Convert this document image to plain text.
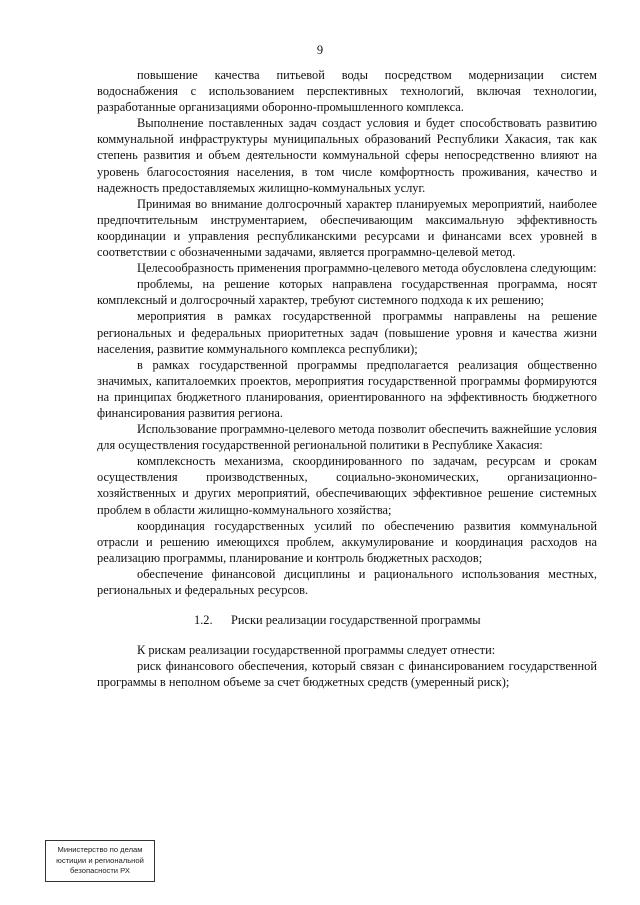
9

повышение качества питьевой воды посредством модернизации систем водоснабжения с использованием перспективных технологий, включая технологии, разработанные организациями оборонно-промышленного комплекса.

Выполнение поставленных задач создаст условия и будет способствовать развитию коммунальной инфраструктуры муниципальных образований Республики Хакасия, так как степень развития и объем деятельности коммунальной сферы непосредственно влияют на уровень благосостояния населения, в том числе комфортность проживания, качество и надежность предоставляемых жилищно-коммунальных услуг.

Принимая во внимание долгосрочный характер планируемых мероприятий, наиболее предпочтительным инструментарием, обеспечивающим максимальную эффективность координации и управления республиканскими ресурсами и финансами всех уровней в соответствии с обозначенными задачами, является программно-целевой метод.

Целесообразность применения программно-целевого метода обусловлена следующим:

проблемы, на решение которых направлена государственная программа, носят комплексный и долгосрочный характер, требуют системного подхода к их решению;

мероприятия в рамках государственной программы направлены на решение региональных и федеральных приоритетных задач (повышение уровня и качества жизни населения, развитие коммунального комплекса республики);

в рамках государственной программы предполагается реализация общественно значимых, капиталоемких проектов, мероприятия государственной программы формируются на принципах бюджетного планирования, ориентированного на эффективность бюджетного финансирования развития региона.

Использование программно-целевого метода позволит обеспечить важнейшие условия для осуществления государственной региональной политики в Республике Хакасия:

комплексность механизма, скоординированного по задачам, ресурсам и срокам осуществления производственных, социально-экономических, организационно-хозяйственных и других мероприятий, обеспечивающих эффективное решение системных проблем в области жилищно-коммунального хозяйства;

координация государственных усилий по обеспечению развития коммунальной отрасли и решению имеющихся проблем, аккумулирование и координация расходов на реализацию программы, планирование и контроль бюджетных расходов;

обеспечение финансовой дисциплины и рационального использования местных, региональных и федеральных ресурсов.

1.2. Риски реализации государственной программы

К рискам реализации государственной программы следует отнести:

риск финансового обеспечения, который связан с финансированием государственной программы в неполном объеме за счет бюджетных средств (умеренный риск);

Министерство по делам
юстиции и региональной
безопасности РХ
